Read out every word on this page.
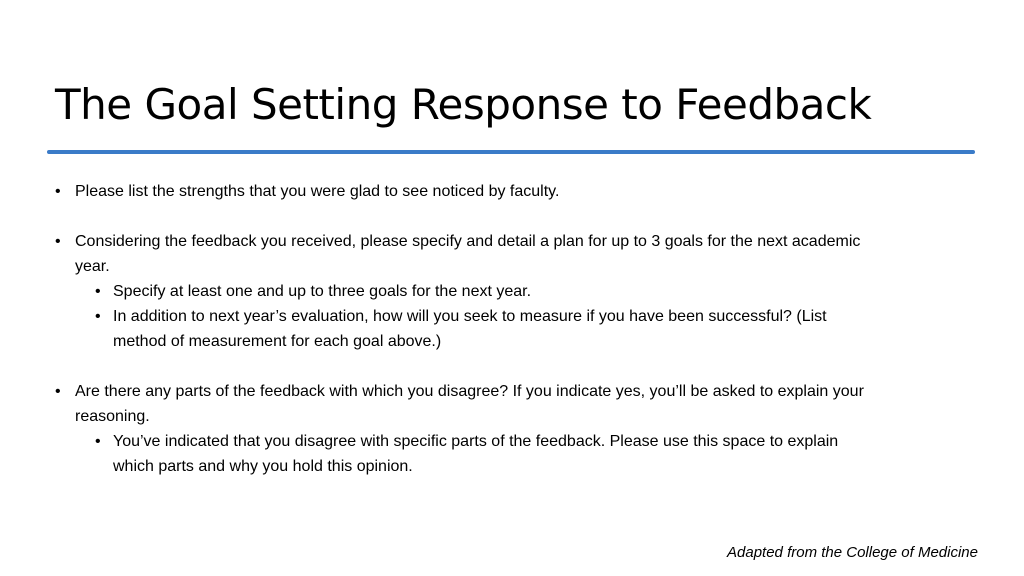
The Goal Setting Response to Feedback

• Please list the strengths that you were glad to see noticed by faculty.

• Considering the feedback you received, please specify and detail a plan for up to 3 goals for the next academic year.

• Specify at least one and up to three goals for the next year.

• In addition to next year’s evaluation, how will you seek to measure if you have been successful? (List method of measurement for each goal above.)

• Are there any parts of the feedback with which you disagree? If you indicate yes, you’ll be asked to explain your reasoning.

• You’ve indicated that you disagree with specific parts of the feedback. Please use this space to explain which parts and why you hold this opinion.

Adapted from the College of Medicine
